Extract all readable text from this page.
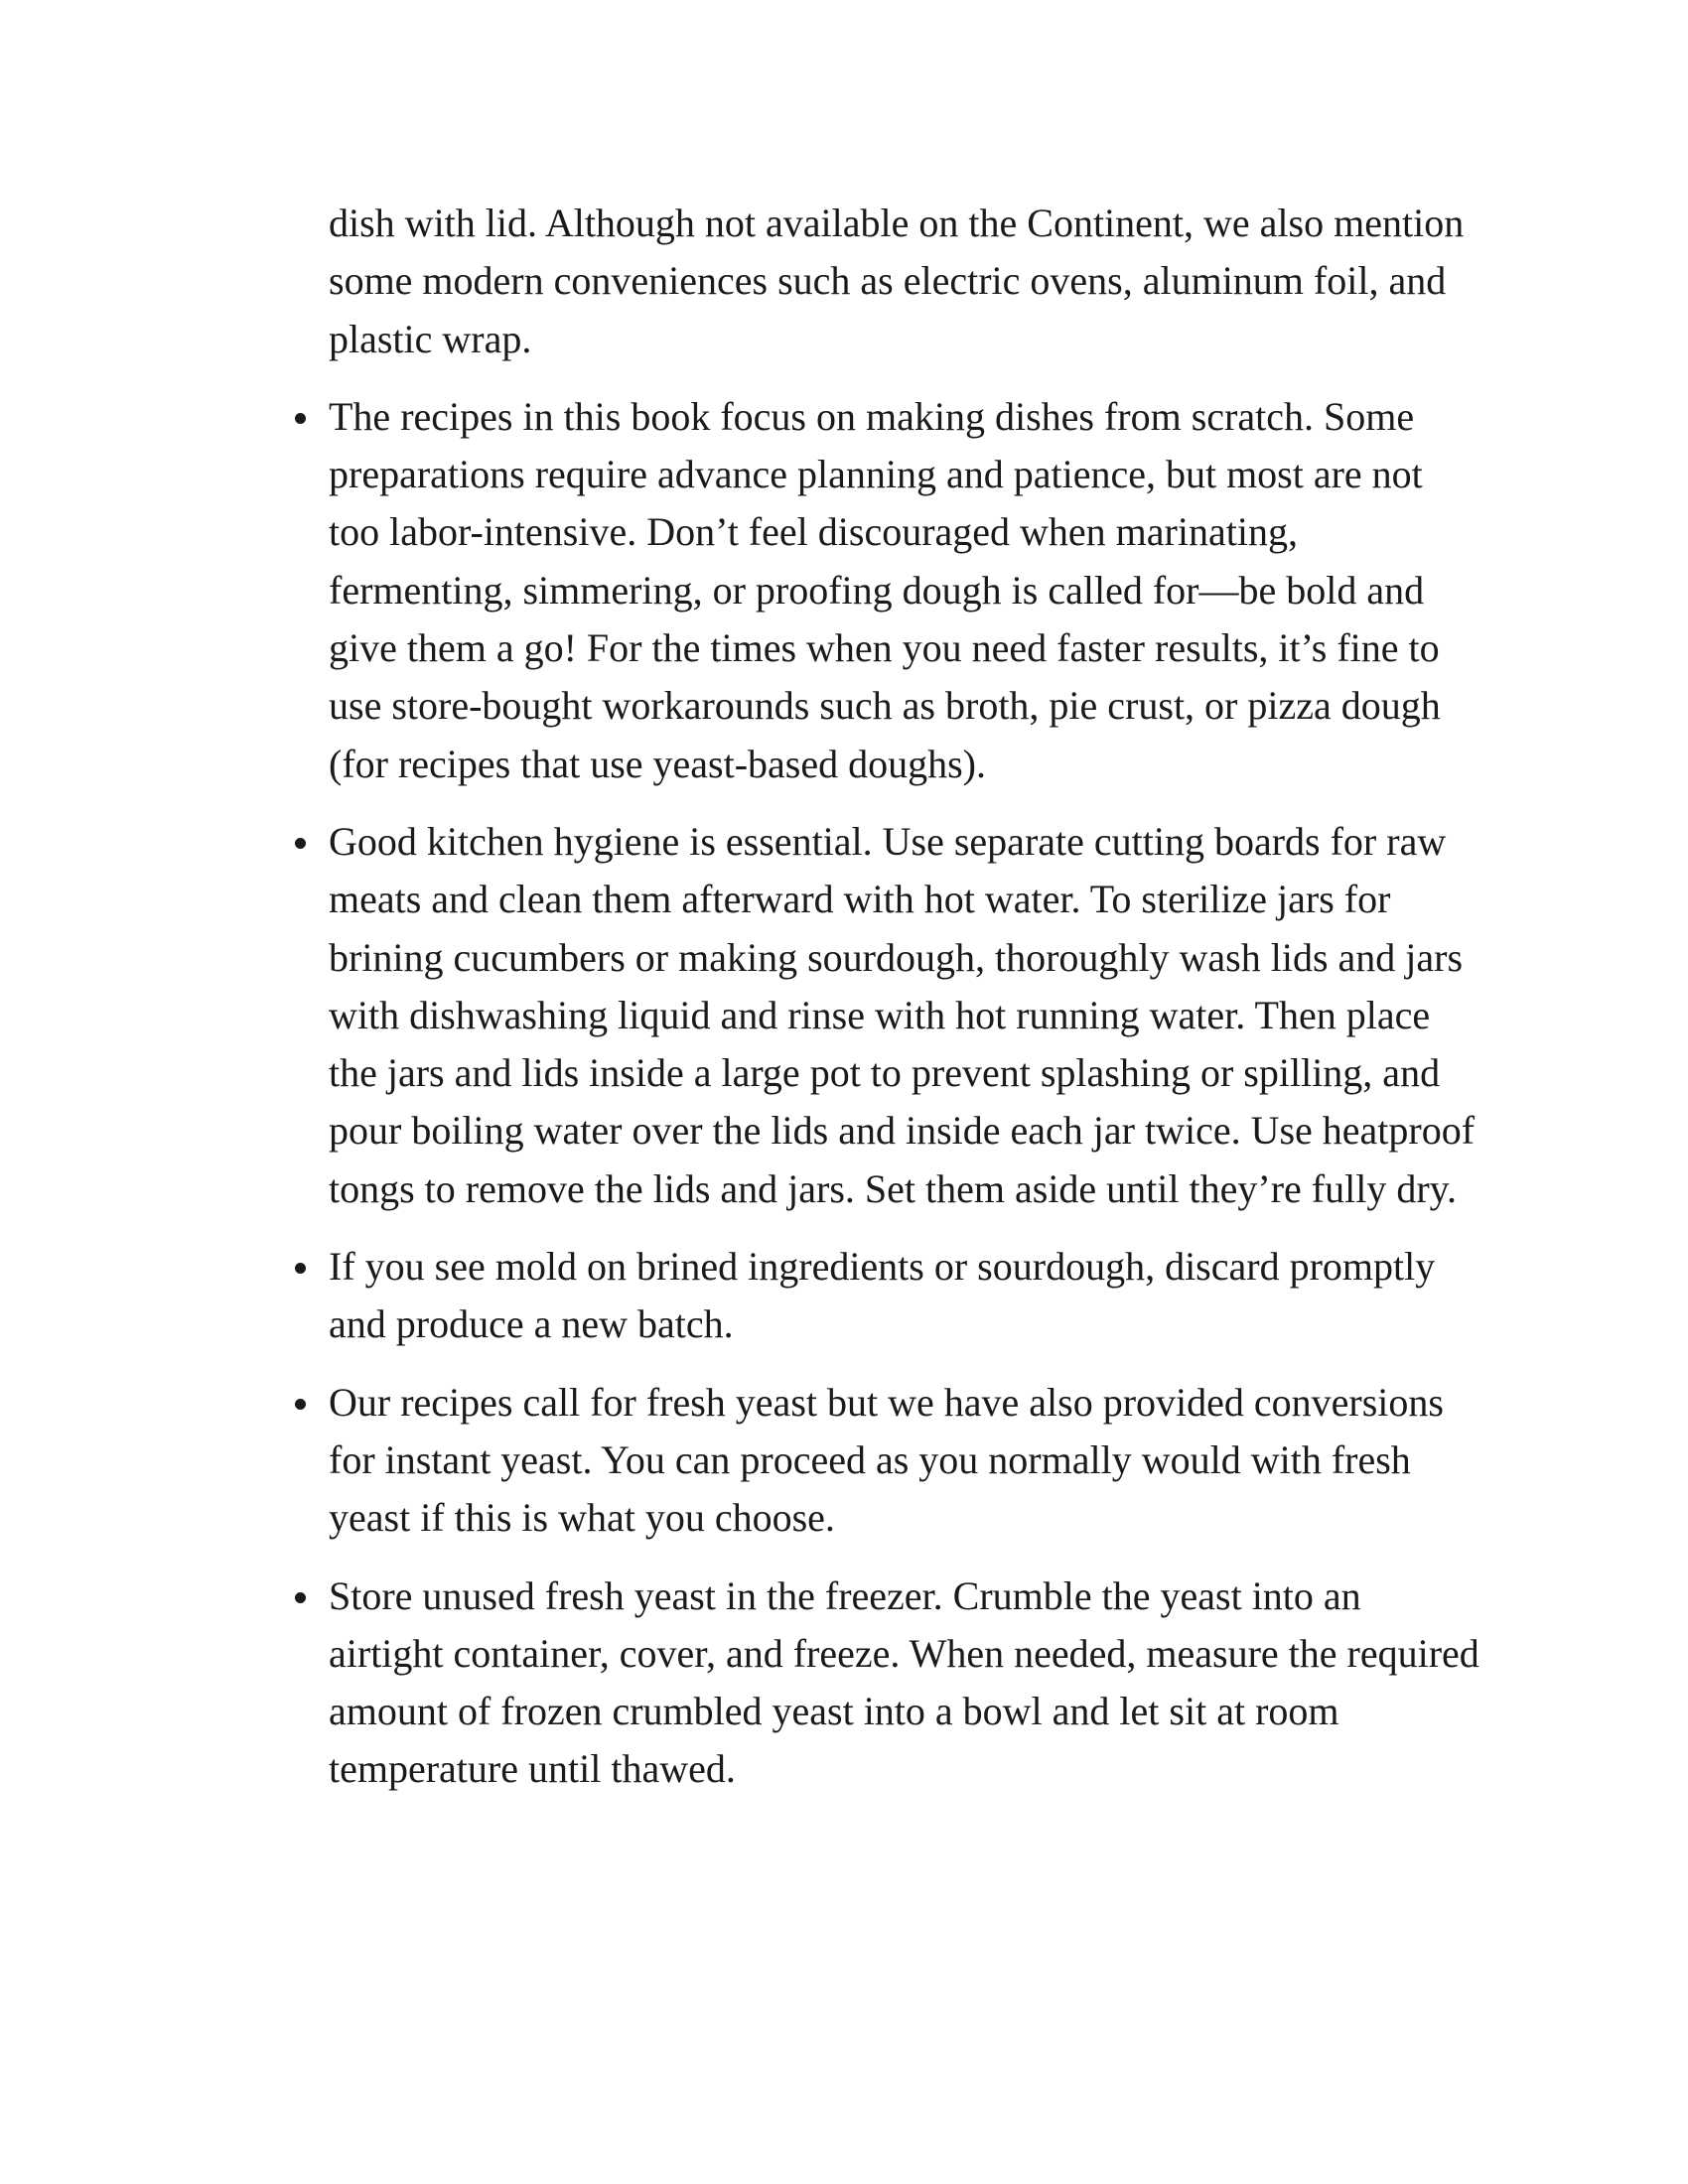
dish with lid. Although not available on the Continent, we also mention some modern conveniences such as electric ovens, aluminum foil, and plastic wrap.

The recipes in this book focus on making dishes from scratch. Some preparations require advance planning and patience, but most are not too labor-intensive. Don’t feel discouraged when marinating, fermenting, simmering, or proofing dough is called for—be bold and give them a go! For the times when you need faster results, it’s fine to use store-bought workarounds such as broth, pie crust, or pizza dough (for recipes that use yeast-based doughs).
Good kitchen hygiene is essential. Use separate cutting boards for raw meats and clean them afterward with hot water. To sterilize jars for brining cucumbers or making sourdough, thoroughly wash lids and jars with dishwashing liquid and rinse with hot running water. Then place the jars and lids inside a large pot to prevent splashing or spilling, and pour boiling water over the lids and inside each jar twice. Use heatproof tongs to remove the lids and jars. Set them aside until they’re fully dry.
If you see mold on brined ingredients or sourdough, discard promptly and produce a new batch.
Our recipes call for fresh yeast but we have also provided conversions for instant yeast. You can proceed as you normally would with fresh yeast if this is what you choose.
Store unused fresh yeast in the freezer. Crumble the yeast into an airtight container, cover, and freeze. When needed, measure the required amount of frozen crumbled yeast into a bowl and let sit at room temperature until thawed.
